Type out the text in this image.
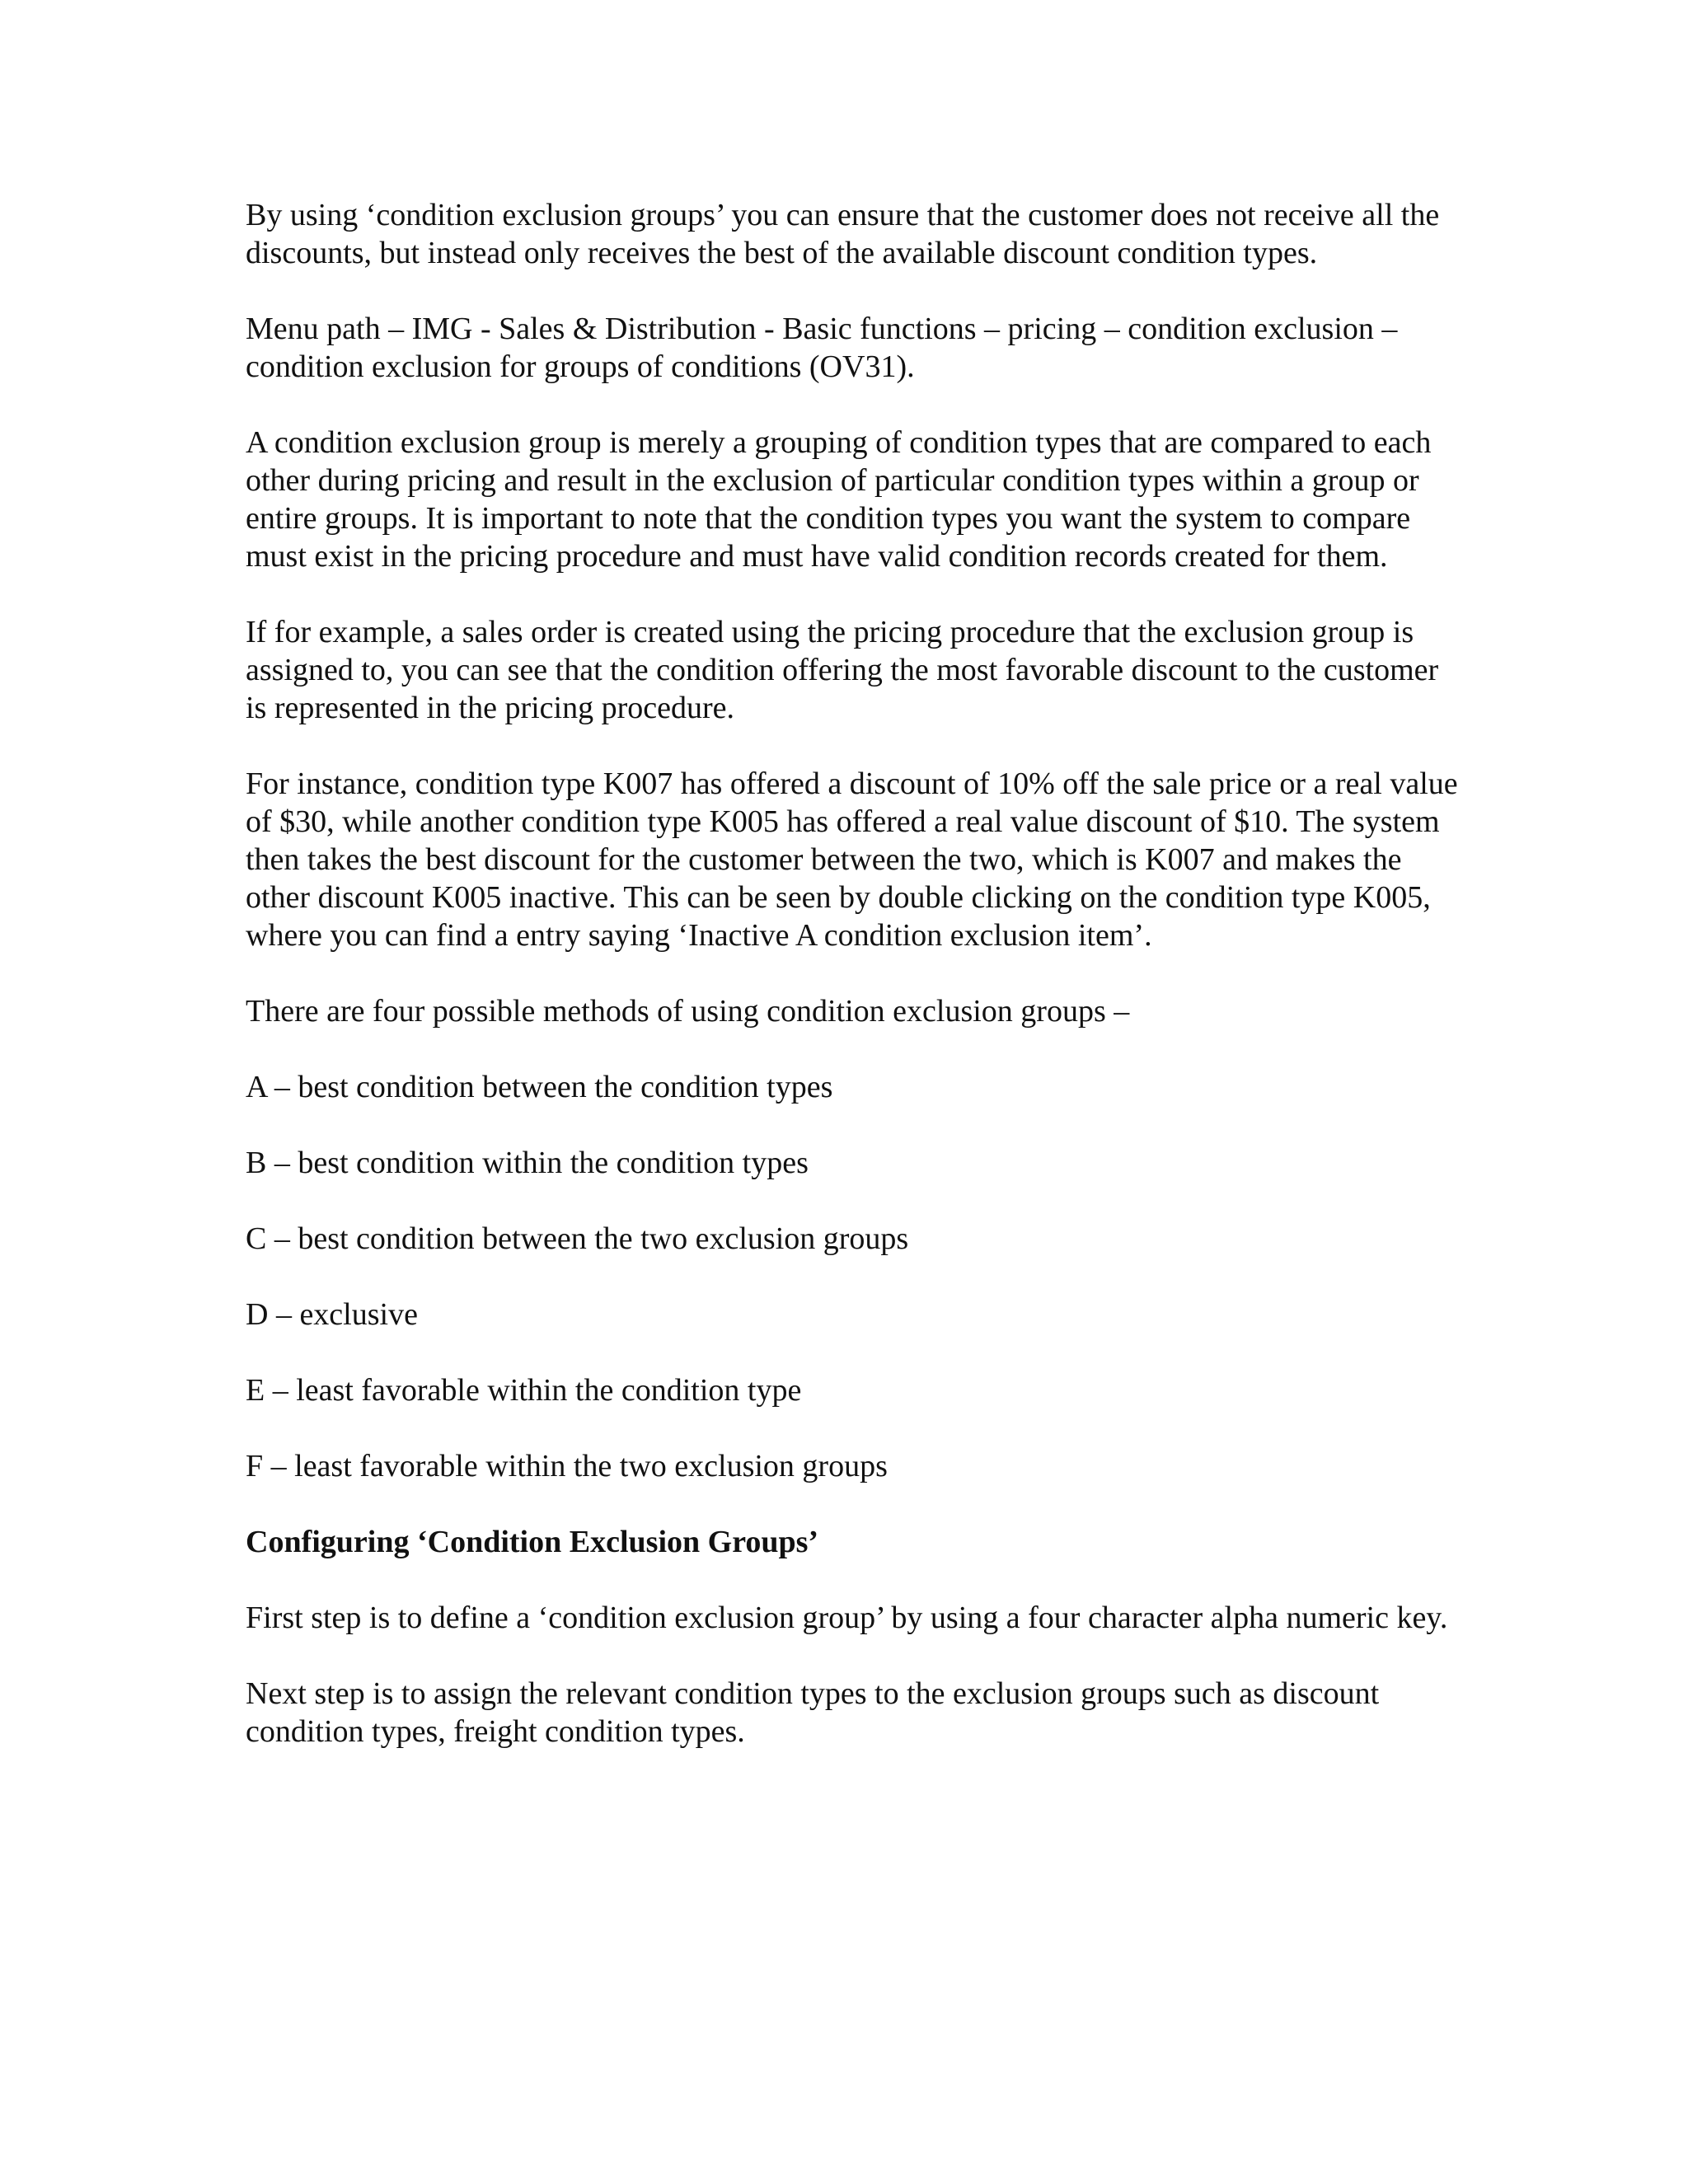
By using ‘condition exclusion groups’ you can ensure that the customer does not receive all the discounts, but instead only receives the best of the available discount condition types.

Menu path – IMG - Sales & Distribution - Basic functions – pricing – condition exclusion – condition exclusion for groups of conditions (OV31).

A condition exclusion group is merely a grouping of condition types that are compared to each other during pricing and result in the exclusion of particular condition types within a group or entire groups. It is important to note that the condition types you want the system to compare must exist in the pricing procedure and must have valid condition records created for them.

If for example, a sales order is created using the pricing procedure that the exclusion group is assigned to, you can see that the condition offering the most favorable discount to the customer is represented in the pricing procedure.

For instance, condition type K007 has offered a discount of 10% off the sale price or a real value of $30, while another condition type K005 has offered a real value discount of $10. The system then takes the best discount for the customer between the two, which is K007 and makes the other discount K005 inactive. This can be seen by double clicking on the condition type K005, where you can find a entry saying ‘Inactive A condition exclusion item’.

There are four possible methods of using condition exclusion groups –

A – best condition between the condition types

B – best condition within the condition types

C – best condition between the two exclusion groups

D – exclusive

E – least favorable within the condition type

F – least favorable within the two exclusion groups

Configuring ‘Condition Exclusion Groups’

First step is to define a ‘condition exclusion group’ by using a four character alpha numeric key.

Next step is to assign the relevant condition types to the exclusion groups such as discount condition types, freight condition types.
